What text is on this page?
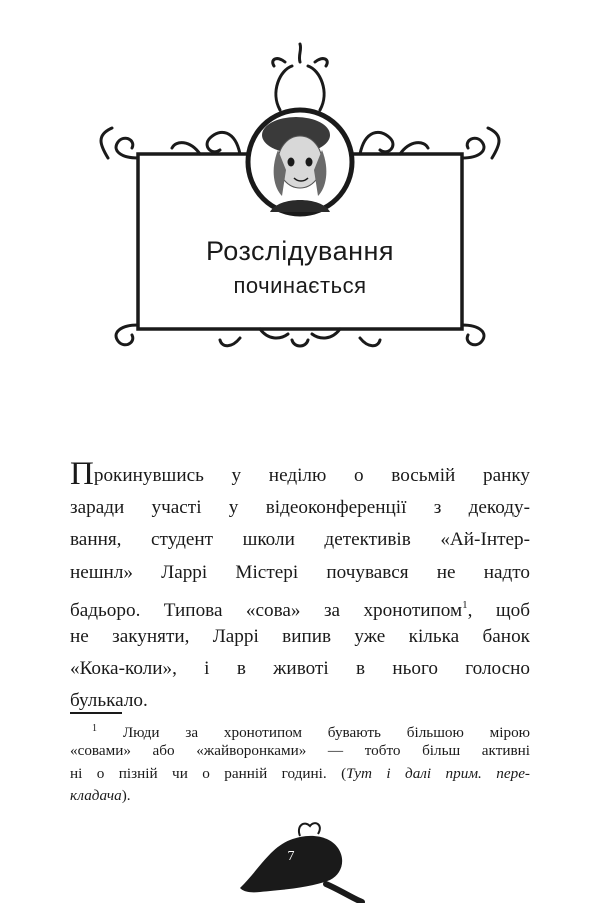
Розслідування
починається
Прокинувшись у неділю о восьмій ранку
заради участі у відеоконференції з декоду-
вання, студент школи детективів «Ай-Інтер-
нешнл» Ларрі Містері почувався не надто
бадьоро. Типова «сова» за хронотипом$^1$, щоб
не закуняти, Ларрі випив уже кілька банок
«Кока-коли», і в животі в нього голосно
булькало.
$^1$ Люди за хронотипом бувають більшою мірою
«совами» або «жайворонками» — тобто більш активні
ні о пізній чи о ранній годині. (Тут і далі прим. пере-
кладача).
7
